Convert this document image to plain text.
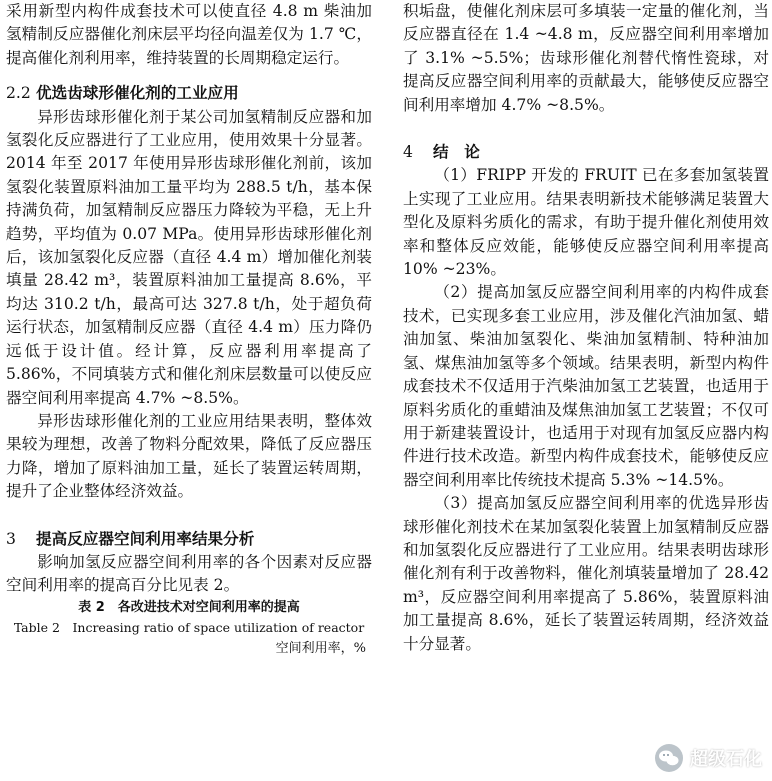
采用新型内构件成套技术可以使直径 4.8 m 柴油加氢精制反应器催化剂床层平均径向温差仅为 1.7 ℃，提高催化剂利用率，维持装置的长周期稳定运行。

2.2 优选齿球形催化剂的工业应用

异形齿球形催化剂于某公司加氢精制反应器和加氢裂化反应器进行了工业应用，使用效果十分显著。2014 年至 2017 年使用异形齿球形催化剂前，该加氢裂化装置原料油加工量平均为 288.5 t/h，基本保持满负荷，加氢精制反应器压力降较为平稳，无上升趋势，平均值为 0.07 MPa。使用异形齿球形催化剂后，该加氢裂化反应器（直径 4.4 m）增加催化剂装填量 28.42 m³，装置原料油加工量提高 8.6%，平均达 310.2 t/h，最高可达 327.8 t/h，处于超负荷运行状态，加氢精制反应器（直径 4.4 m）压力降仍远低于设计值。经计算，反应器利用率提高了 5.86%，不同填装方式和催化剂床层数量可以使反应器空间利用率提高 4.7% ~8.5%。

异形齿球形催化剂的工业应用结果表明，整体效果较为理想，改善了物料分配效果，降低了反应器压力降，增加了原料油加工量，延长了装置运转周期，提升了企业整体经济效益。

3 提高反应器空间利用率结果分析

影响加氢反应器空间利用率的各个因素对反应器空间利用率的提高百分比见表 2。

表 2　各改进技术对空间利用率的提高
Table 2　Increasing ratio of space utilization of reactor
空间利用率，%

积垢盘，使催化剂床层可多填装一定量的催化剂，当反应器直径在 1.4 ~4.8 m，反应器空间利用率增加了 3.1% ~5.5%；齿球形催化剂替代惰性瓷球，对提高反应器空间利用率的贡献最大，能够使反应器空间利用率增加 4.7% ~8.5%。

4 结　论

（1）FRIPP 开发的 FRUIT 已在多套加氢装置上实现了工业应用。结果表明新技术能够满足装置大型化及原料劣质化的需求，有助于提升催化剂使用效率和整体反应效能，能够使反应器空间利用率提高 10% ~23%。

（2）提高加氢反应器空间利用率的内构件成套技术，已实现多套工业应用，涉及催化汽油加氢、蜡油加氢、柴油加氢裂化、柴油加氢精制、特种油加氢、煤焦油加氢等多个领域。结果表明，新型内构件成套技术不仅适用于汽柴油加氢工艺装置，也适用于原料劣质化的重蜡油及煤焦油加氢工艺装置；不仅可用于新建装置设计，也适用于对现有加氢反应器内构件进行技术改造。新型内构件成套技术，能够使反应器空间利用率比传统技术提高 5.3% ~14.5%。

（3）提高加氢反应器空间利用率的优选异形齿球形催化剂技术在某加氢裂化装置上加氢精制反应器和加氢裂化反应器进行了工业应用。结果表明齿球形催化剂有利于改善物料，催化剂填装量增加了 28.42 m³，反应器空间利用率提高了 5.86%，装置原料油加工量提高 8.6%，延长了装置运转周期，经济效益十分显著。

超级石化
